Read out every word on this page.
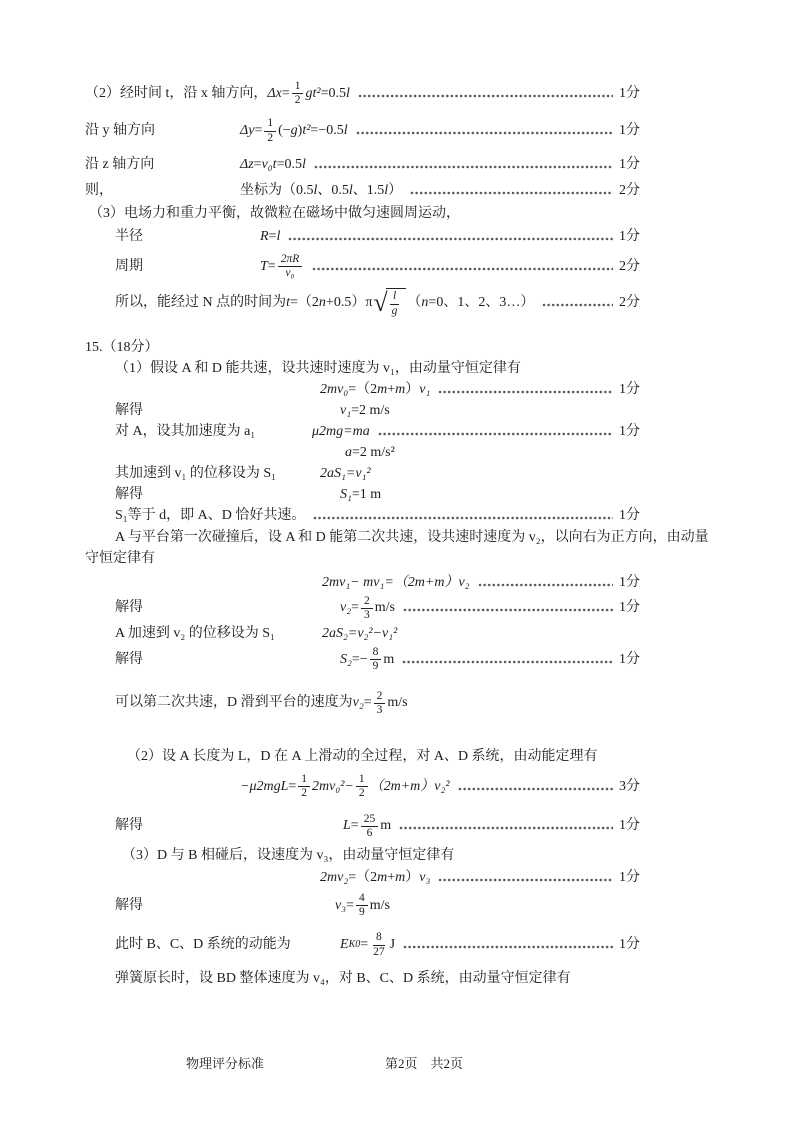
（2）经时间 t，沿 x 轴方向， $\Delta x = \frac{1}{2} gt^2 =0.5$ l	1分
沿 y 轴方向	$\Delta y = \frac{1}{2}$ (− g ) t² =−0.5 l	1分
沿 z 轴方向	Δz = v₀t =0.5 l	1分
则，	坐标为（0.5 l 、0.5 l 、1.5 l ）	2分
（3）电场力和重力平衡，故微粒在磁场中做匀速圆周运动，
半径	R = l	1分
周期	$T = \frac{2\pi R}{\text{v₀}}$	2分
所以，能经过 N 点的时间为 t =（2 n +0.5）π √ $\frac{l}{g}$ （ n =0、1、2、3…）	2分
15.（18分）
（1）假设 A 和 D 能共速，设共速时速度为 v₁，由动量守恒定律有
2mv₀ =（2 m + m ） v₁	1分
解得	v₁ =2 m/s
对 A，设其加速度为 a₁	μ2mg=ma	1分
a =2 m/s²
其加速到 v₁ 的位移设为 S₁	2aS₁=v₁²
解得	S₁ =1 m
S₁等于 d，即 A、D 恰好共速。	1分
A 与平台第一次碰撞后，设 A 和 D 能第二次共速，设共速时速度为 v₂，以向右为正方向，由动量守恒定律有
2mv₁− mv₁=（2m+m）v₂	1分
解得	$v_2 = \frac{2}{3} m/s$	1分
A 加速到 v₂ 的位移设为 S₁	2aS₂=v₂²−v₁²
解得	$S_2 =- \frac{8}{9}$ m	1分
可以第二次共速，D 滑到平台的速度为 $v_2 = \frac{2}{3} m/s$
（2）设 A 长度为 L，D 在 A 上滑动的全过程，对 A、D 系统，由动能定理有
$-\mu 2mgL = \frac{1}{2} 2mv_0^2- \frac{1}{2} (2m+m)v_2^2$	3分
解得	$L = \frac{25}{6}$ m	1分
（3）D 与 B 相碰后，设速度为 v₃，由动量守恒定律有
2mv₂ =（2 m + m ） v₃	1分
解得	$v_3 = \frac{4}{9} m/s$
此时 B、C、D 系统的动能为	E $K0 = \frac{8}{27}$ J	1分
弹簧原长时，设 BD 整体速度为 v₄，对 B、C、D 系统，由动量守恒定律有
物理评分标准	第2页　共2页
